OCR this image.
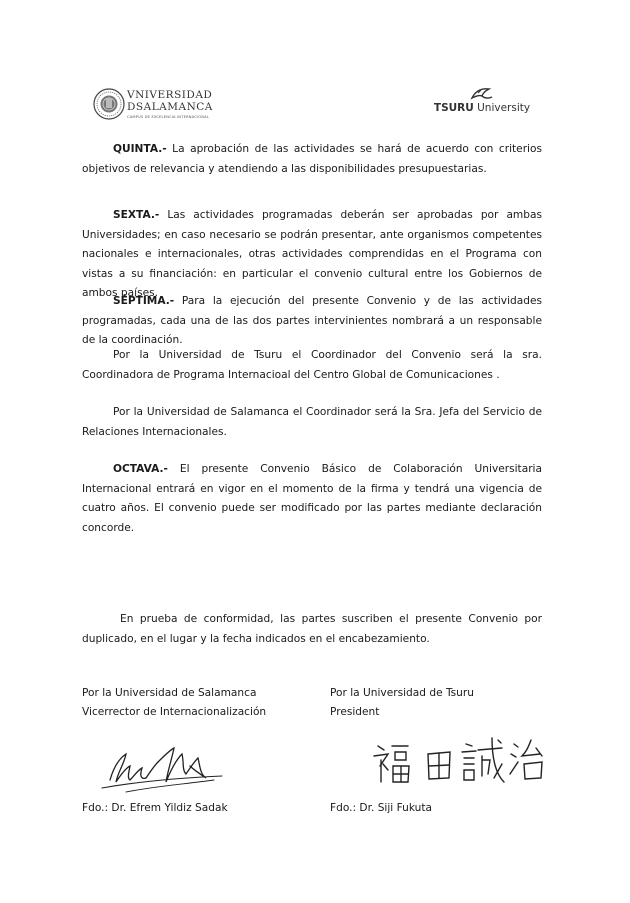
VNIVERSIDAD
DSALAMANCA
CAMPUS DE EXCELENCIA INTERNACIONAL
TSURU University

QUINTA.- La aprobación de las actividades se hará de acuerdo con criterios objetivos de relevancia y atendiendo a las disponibilidades presupuestarias.

SEXTA.- Las actividades programadas deberán ser aprobadas por ambas Universidades; en caso necesario se podrán presentar, ante organismos competentes nacionales e internacionales, otras actividades comprendidas en el Programa con vistas a su financiación: en particular el convenio cultural entre los Gobiernos de ambos países.

SÉPTIMA.- Para la ejecución del presente Convenio y de las actividades programadas, cada una de las dos partes intervinientes nombrará a un responsable de la coordinación.

Por la Universidad de Tsuru el Coordinador del Convenio será la sra. Coordinadora de Programa Internacioal del Centro Global de Comunicaciones .

Por la Universidad de Salamanca el Coordinador será la Sra. Jefa del Servicio de Relaciones Internacionales.

OCTAVA.- El presente Convenio Básico de Colaboración Universitaria Internacional entrará en vigor en el momento de la firma y tendrá una vigencia de cuatro años. El convenio puede ser modificado por las partes mediante declaración concorde.

En prueba de conformidad, las partes suscriben el presente Convenio por duplicado, en el lugar y la fecha indicados en el encabezamiento.

Por la Universidad de Salamanca
Vicerrector de Internacionalización
Por la Universidad de Tsuru
President
Fdo.: Dr. Efrem Yildiz Sadak	Fdo.: Dr. Siji Fukuta
